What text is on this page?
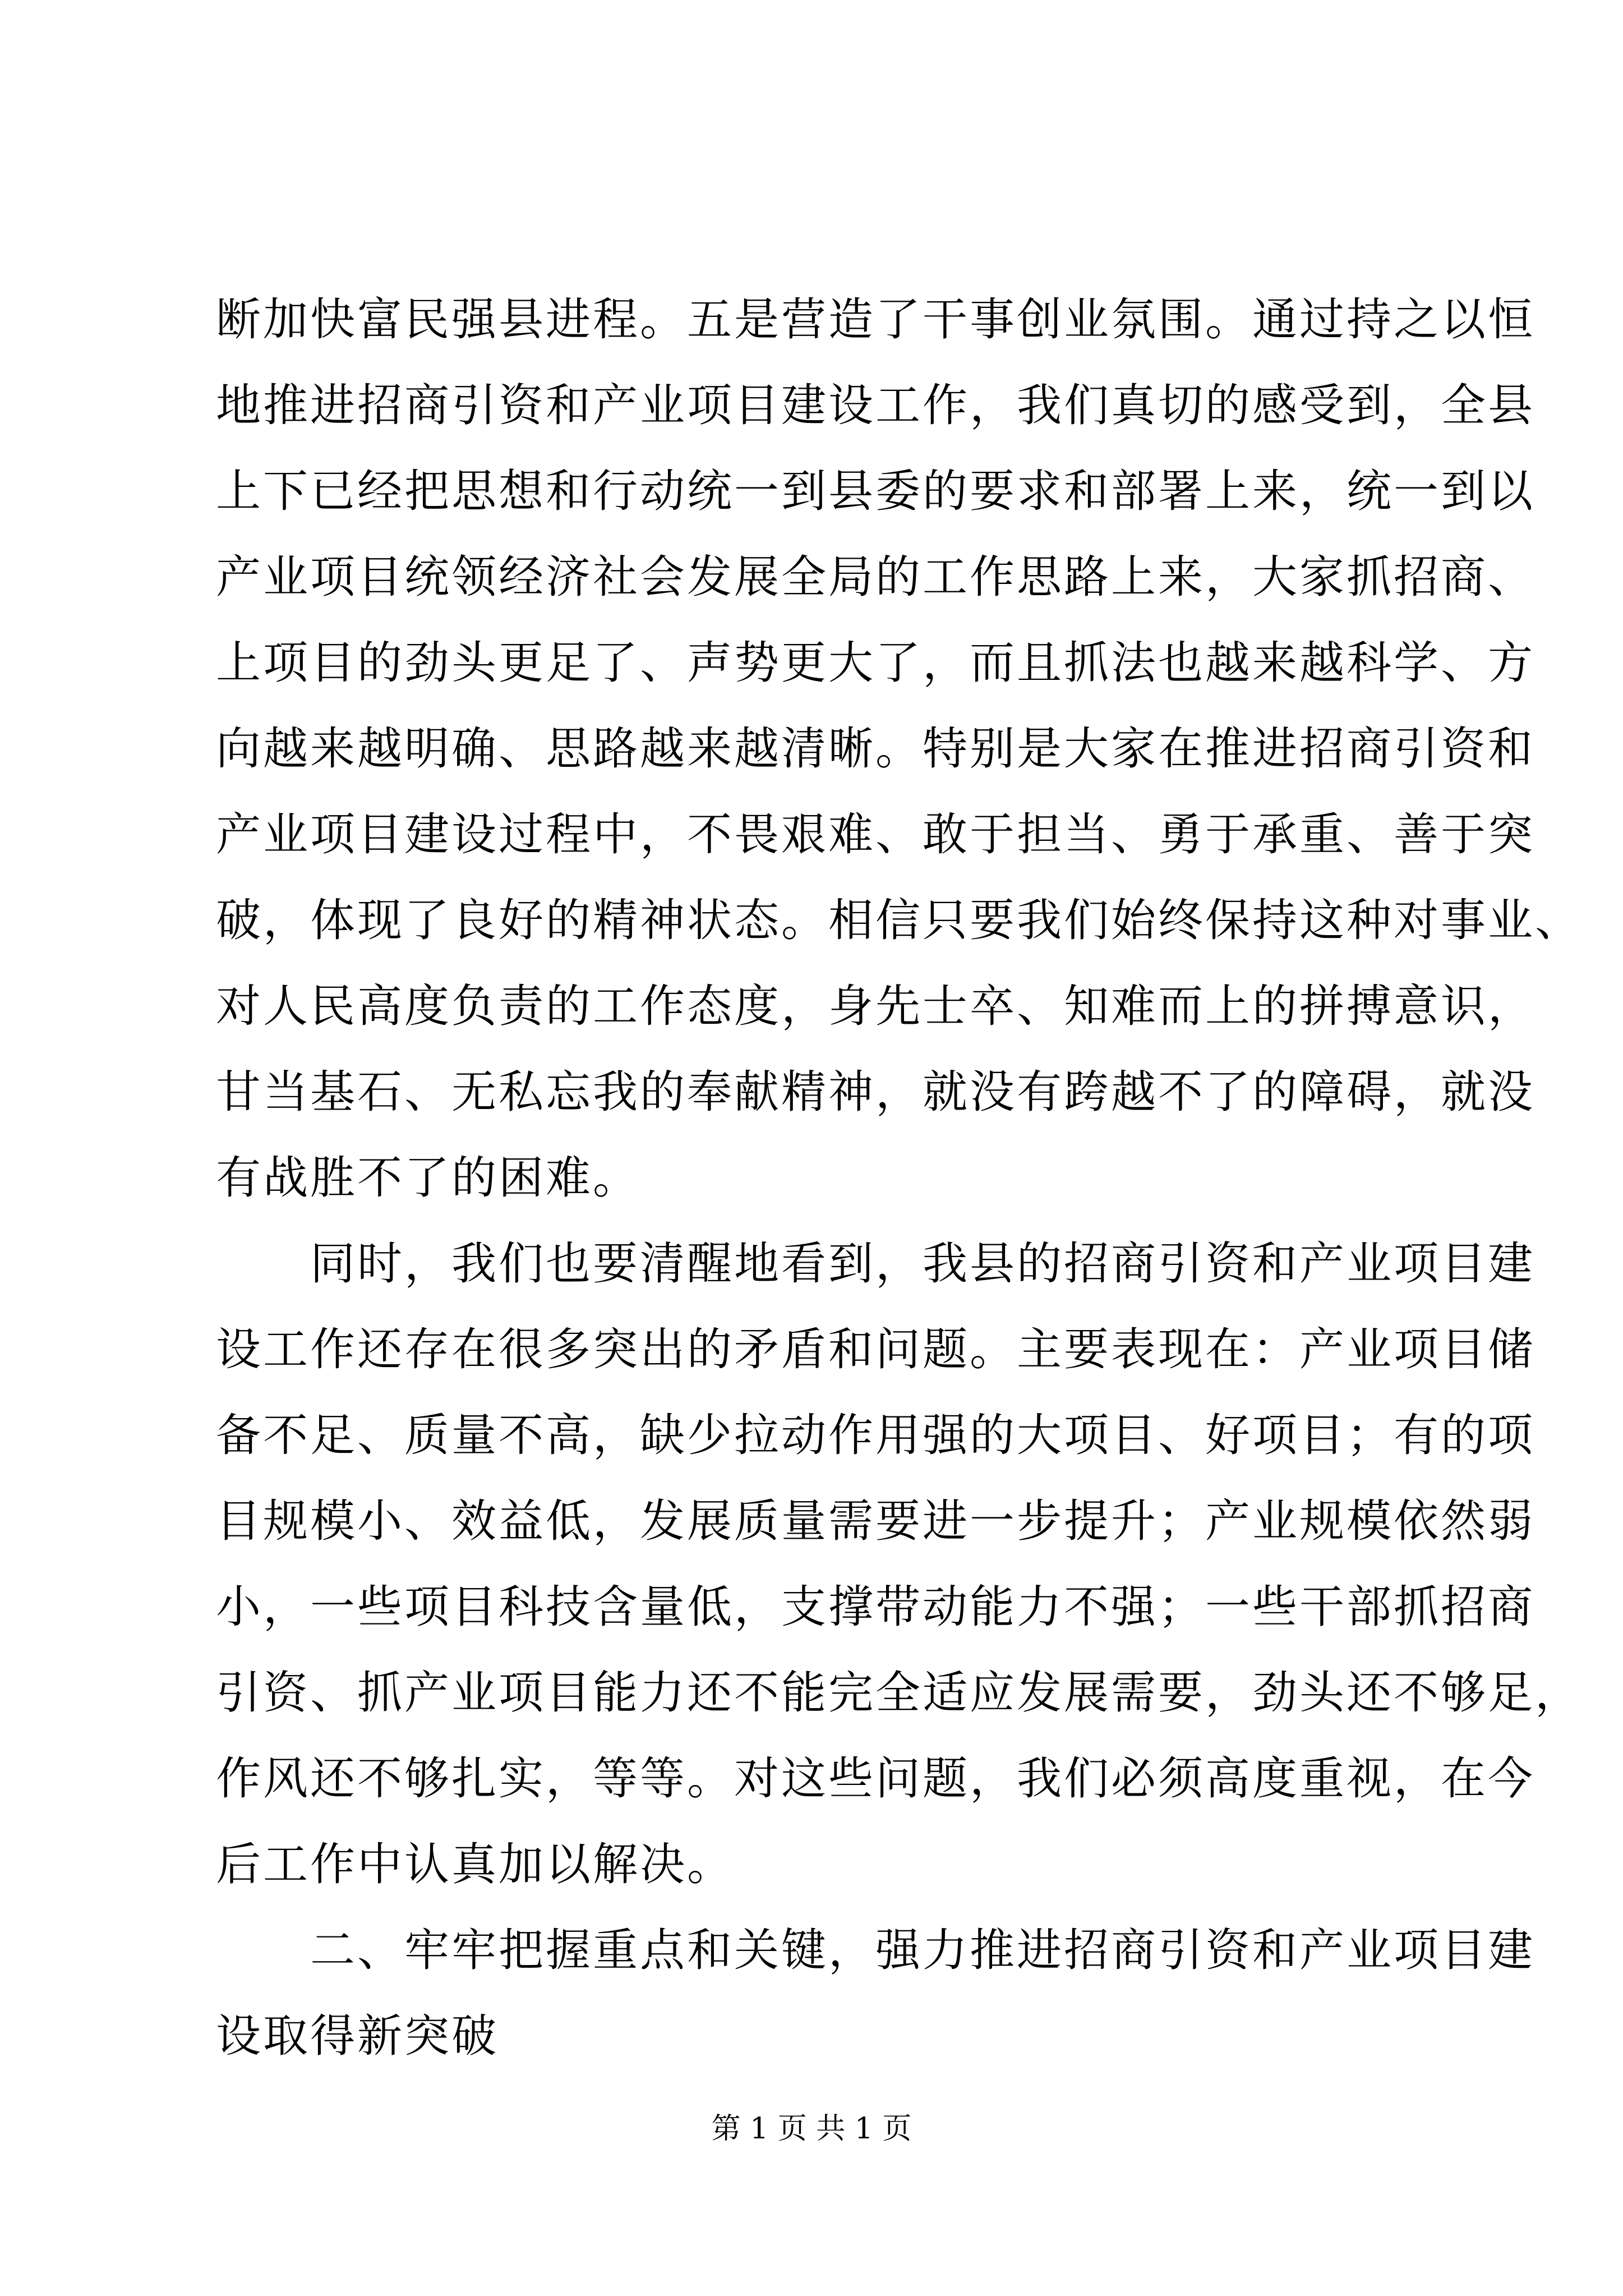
断加快富民强县进程。五是营造了干事创业氛围。通过持之以恒
地推进招商引资和产业项目建设工作，我们真切的感受到，全县
上下已经把思想和行动统一到县委的要求和部署上来，统一到以
产业项目统领经济社会发展全局的工作思路上来，大家抓招商、
上项目的劲头更足了、声势更大了，而且抓法也越来越科学、方
向越来越明确、思路越来越清晰。特别是大家在推进招商引资和
产业项目建设过程中，不畏艰难、敢于担当、勇于承重、善于突
破，体现了良好的精神状态。相信只要我们始终保持这种对事业、
对人民高度负责的工作态度，身先士卒、知难而上的拼搏意识，
甘当基石、无私忘我的奉献精神，就没有跨越不了的障碍，就没
有战胜不了的困难。
　　同时，我们也要清醒地看到，我县的招商引资和产业项目建
设工作还存在很多突出的矛盾和问题。主要表现在：产业项目储
备不足、质量不高，缺少拉动作用强的大项目、好项目；有的项
目规模小、效益低，发展质量需要进一步提升；产业规模依然弱
小，一些项目科技含量低，支撑带动能力不强；一些干部抓招商
引资、抓产业项目能力还不能完全适应发展需要，劲头还不够足，
作风还不够扎实，等等。对这些问题，我们必须高度重视，在今
后工作中认真加以解决。
　　二、牢牢把握重点和关键，强力推进招商引资和产业项目建
设取得新突破
第 1 页 共 1 页
